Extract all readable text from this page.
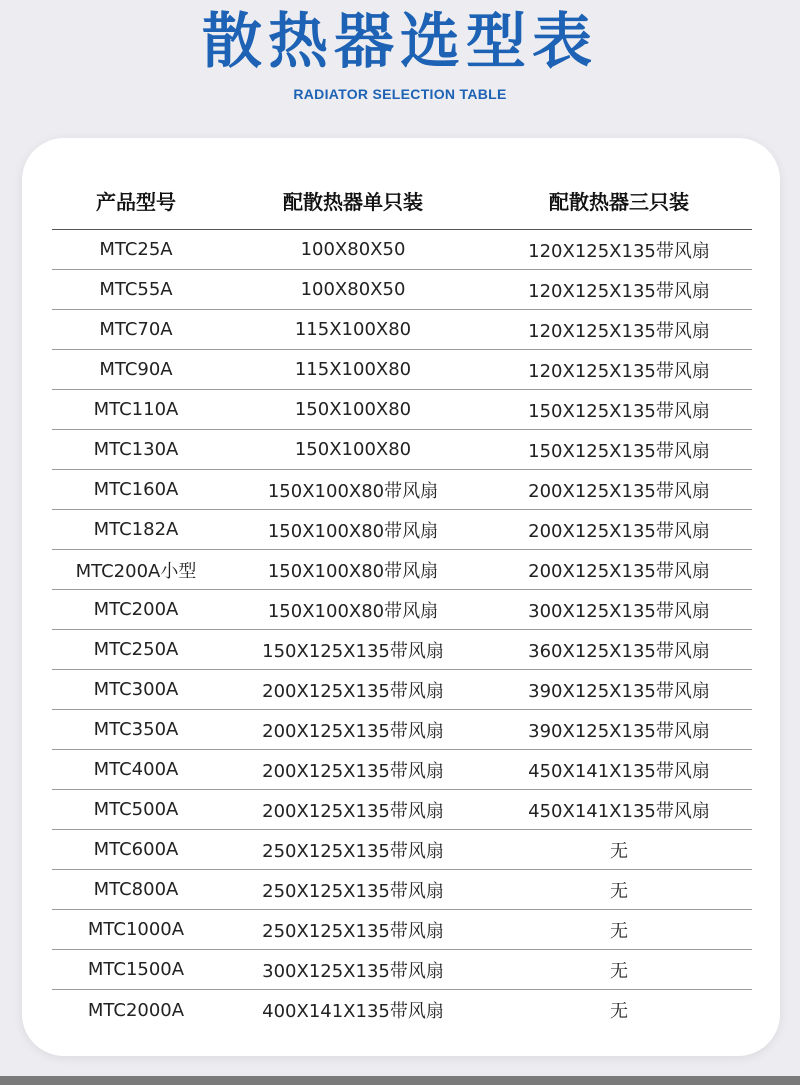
散热器选型表
RADIATOR SELECTION TABLE
产品型号	配散热器单只装	配散热器三只装
MTC25A	100X80X50	120X125X135带风扇
MTC55A	100X80X50	120X125X135带风扇
MTC70A	115X100X80	120X125X135带风扇
MTC90A	115X100X80	120X125X135带风扇
MTC110A	150X100X80	150X125X135带风扇
MTC130A	150X100X80	150X125X135带风扇
MTC160A	150X100X80带风扇	200X125X135带风扇
MTC182A	150X100X80带风扇	200X125X135带风扇
MTC200A小型	150X100X80带风扇	200X125X135带风扇
MTC200A	150X100X80带风扇	300X125X135带风扇
MTC250A	150X125X135带风扇	360X125X135带风扇
MTC300A	200X125X135带风扇	390X125X135带风扇
MTC350A	200X125X135带风扇	390X125X135带风扇
MTC400A	200X125X135带风扇	450X141X135带风扇
MTC500A	200X125X135带风扇	450X141X135带风扇
MTC600A	250X125X135带风扇	无
MTC800A	250X125X135带风扇	无
MTC1000A	250X125X135带风扇	无
MTC1500A	300X125X135带风扇	无
MTC2000A	400X141X135带风扇	无
